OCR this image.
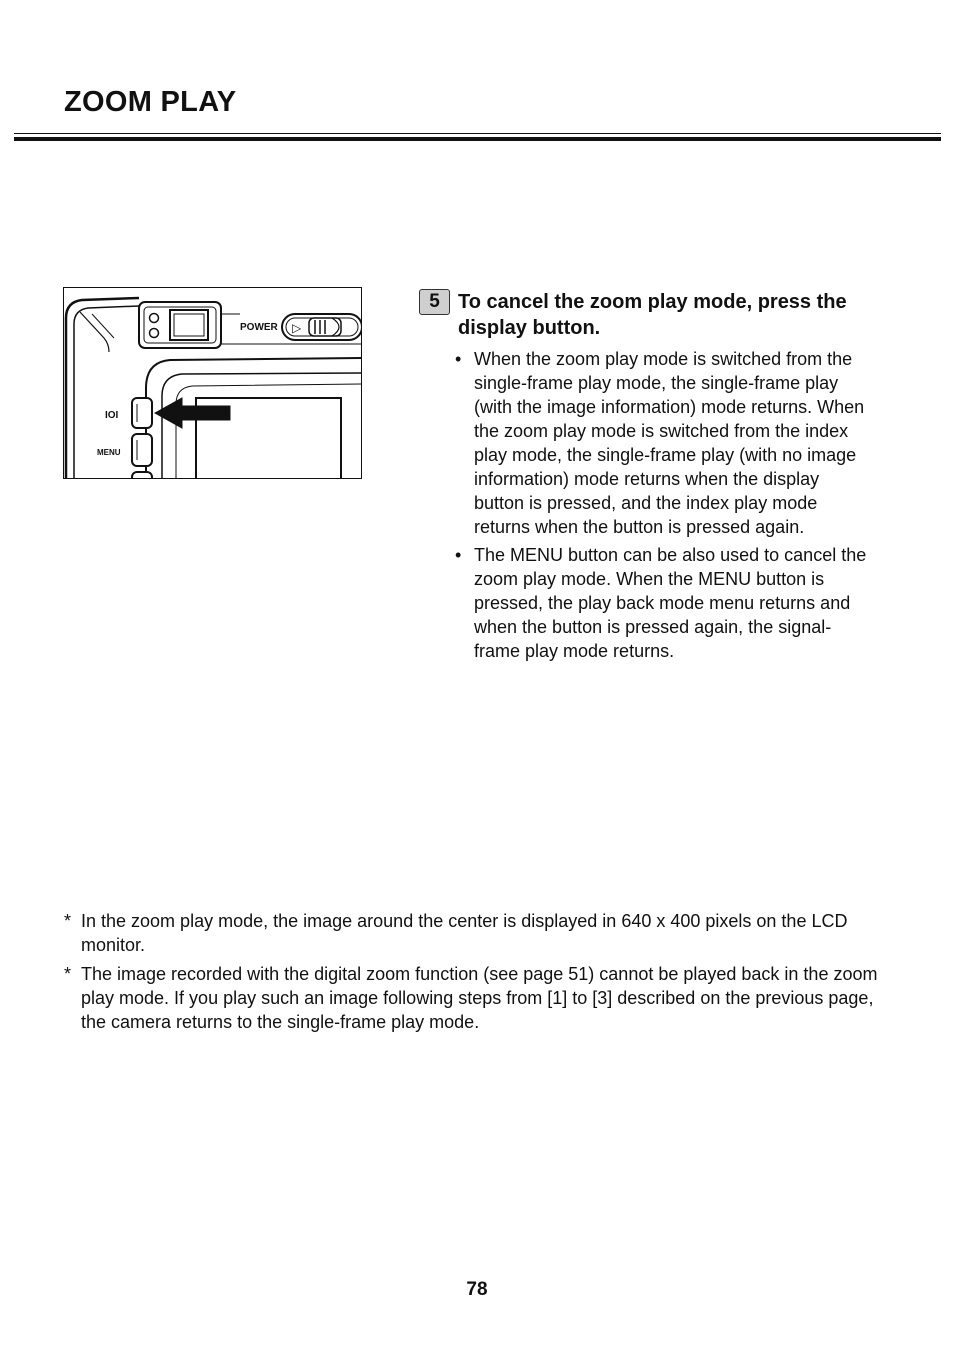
ZOOM PLAY
POWER ▷
IOI
MENU
5 To cancel the zoom play mode, press the display button.
• When the zoom play mode is switched from the single-frame play mode, the single-frame play (with the image information) mode returns. When the zoom play mode is switched from the index play mode, the single-frame play (with no image information) mode returns when the display button is pressed, and the index play mode returns when the button is pressed again.
• The MENU button can be also used to cancel the zoom play mode. When the MENU button is pressed, the play back mode menu returns and when the button is pressed again, the signal-frame play mode returns.
* In the zoom play mode, the image around the center is displayed in 640 x 400 pixels on the LCD monitor.
* The image recorded with the digital zoom function (see page 51) cannot be played back in the zoom play mode. If you play such an image following steps from [1] to [3] described on the previous page, the camera returns to the single-frame play mode.
78
